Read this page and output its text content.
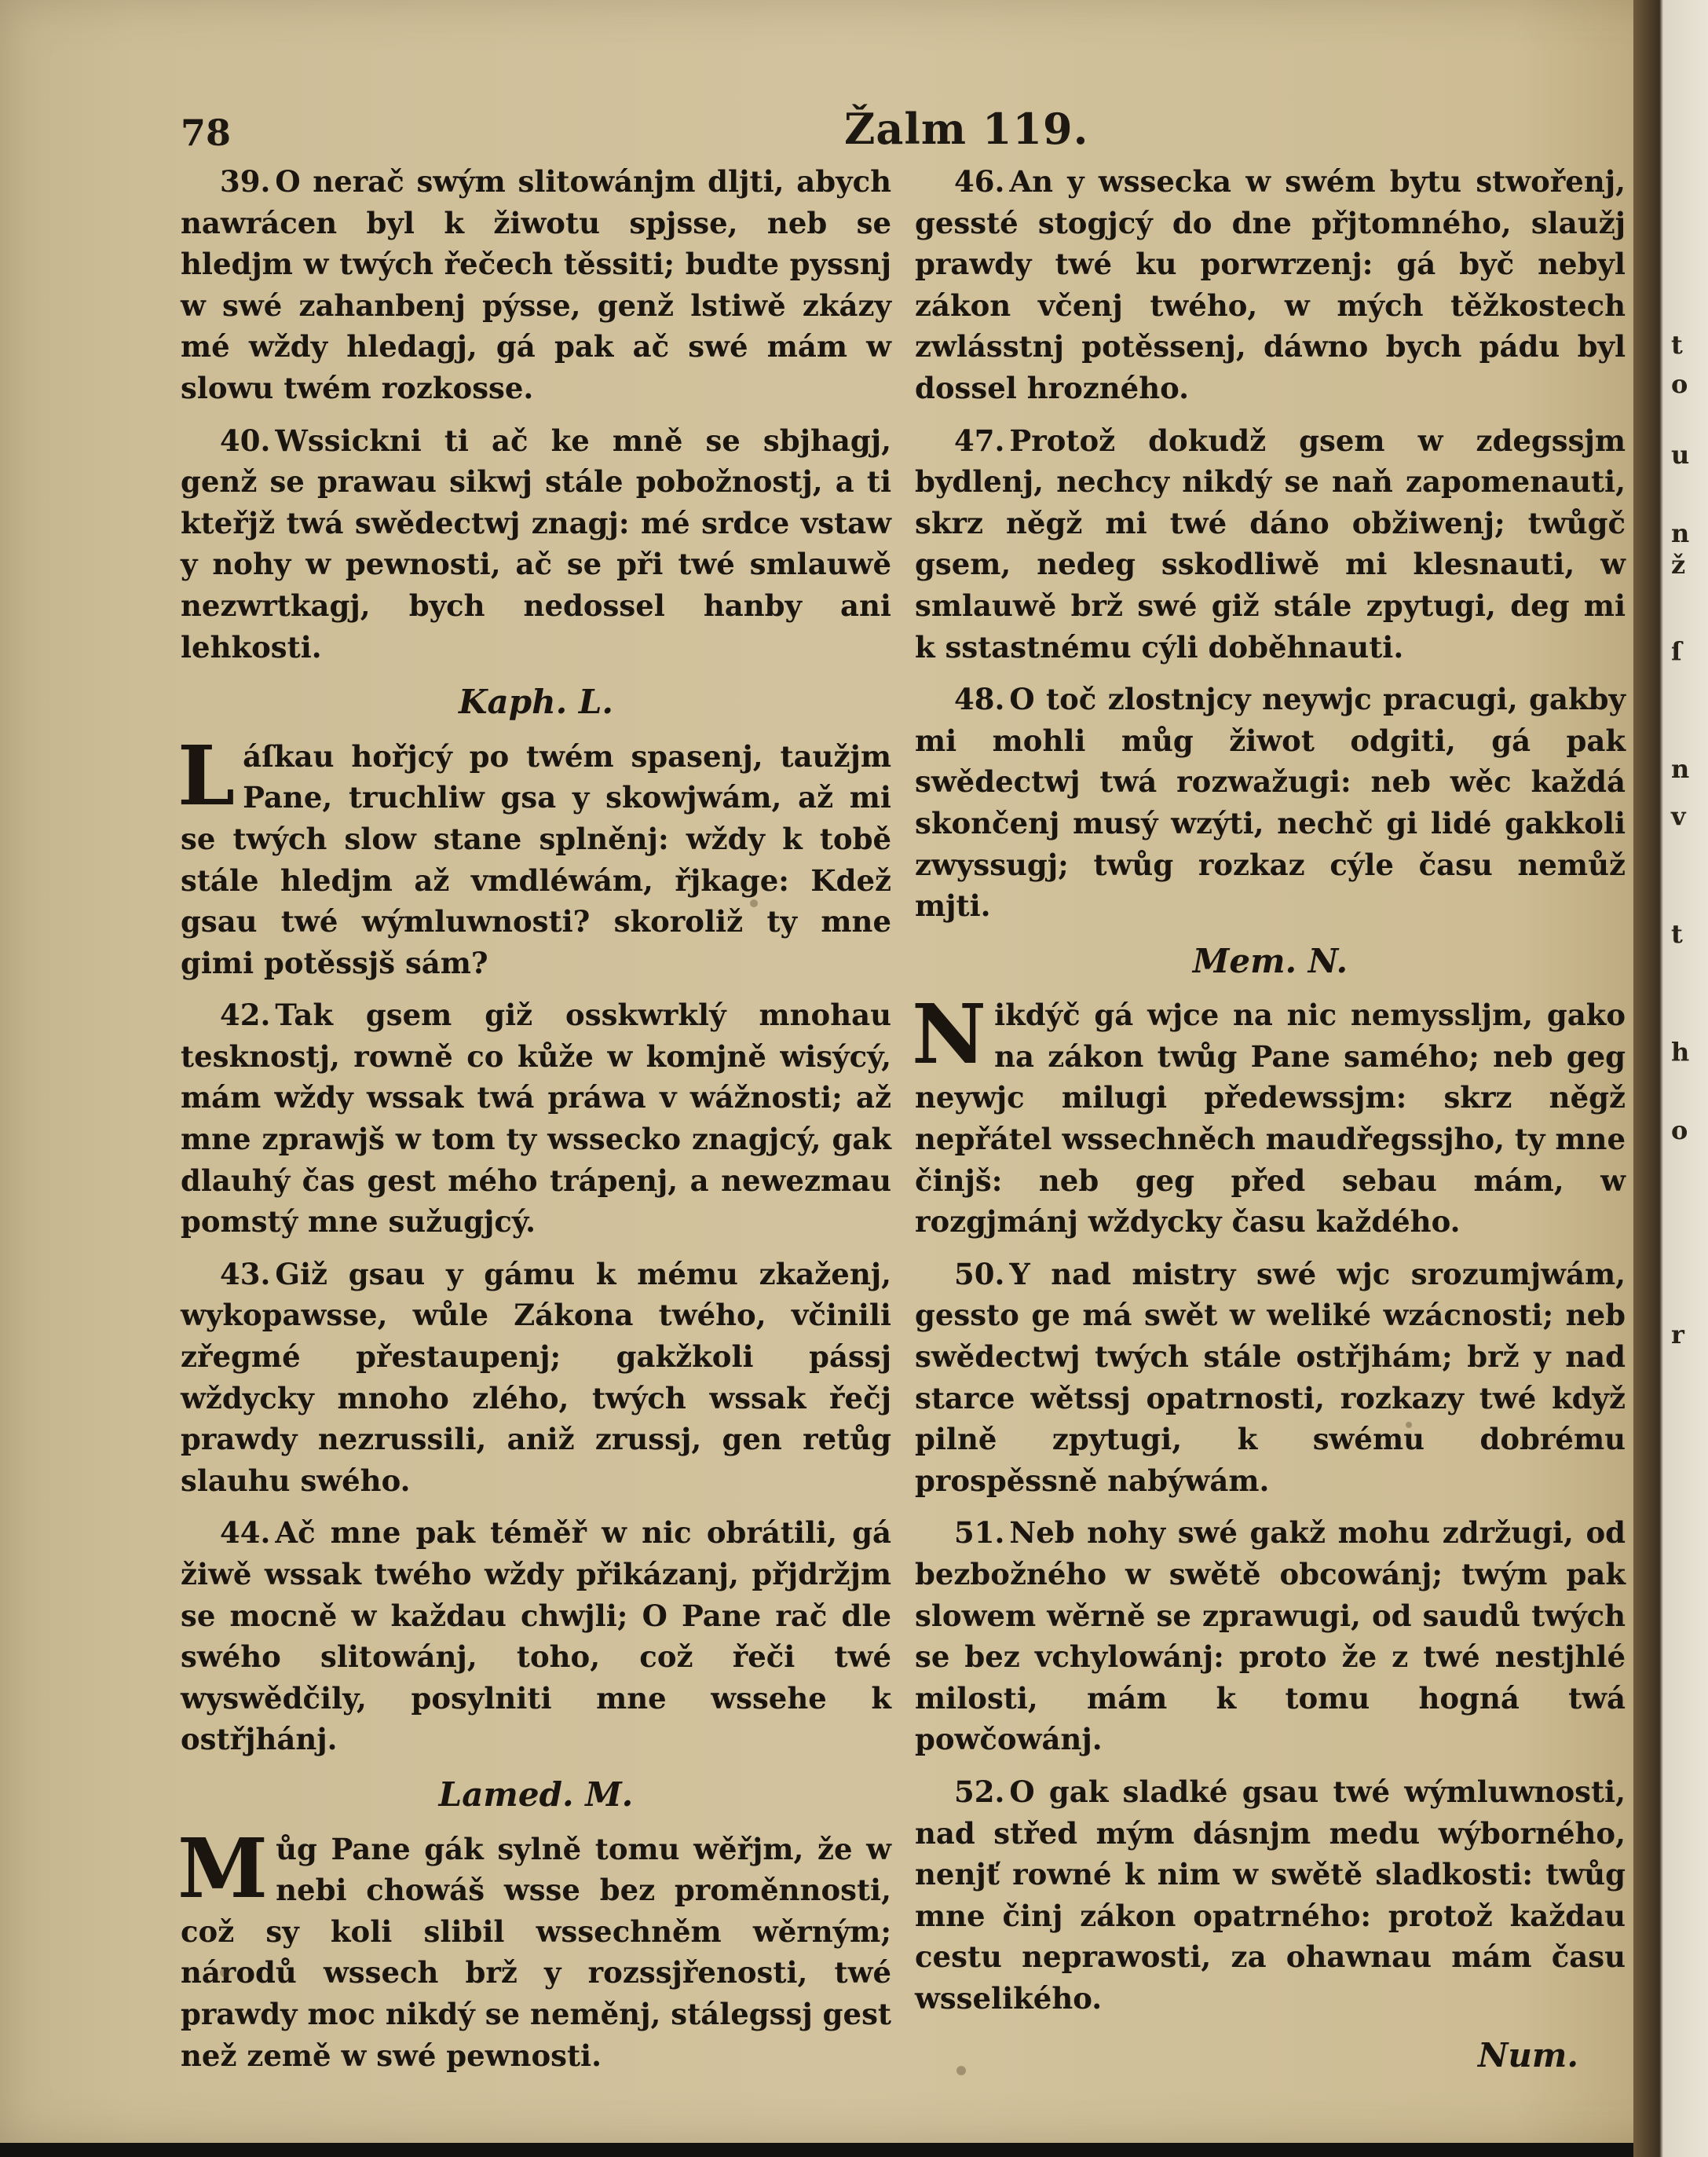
78	Žalm 119.

39. O nerač swým slitowánjm dljti, abych nawrácen byl k žiwotu spjsse, neb se hledjm w twých řečech těssiti; budte pyssnj w swé zahanbenj pýsse, genž lstiwě zkázy mé wždy hledagj, gá pak ač swé mám w slowu twém rozkosse.

40. Wssickni ti ač ke mně se sbjhagj, genž se prawau sikwj stále pobožnostj, a ti kteřjž twá swědectwj znagj: mé srdce vstaw y nohy w pewnosti, ač se při twé smlauwě nezwrtkagj, bych nedossel hanby ani lehkosti.

Kaph. L.

Láſkau hořjcý po twém spasenj, taužjm Pane, truchliw gsa y skowjwám, až mi se twých slow stane splněnj: wždy k tobě stále hledjm až vmdléwám, řjkage: Kdež gsau twé wýmluwnosti? skoroliž ty mne gimi potěssjš sám?

42. Tak gsem giž osskwrklý mnohau tesknostj, rowně co kůže w komjně wisýcý, mám wždy wssak twá práwa v wážnosti; až mne zprawjš w tom ty wssecko znagjcý, gak dlauhý čas gest mého trápenj, a newezmau pomstý mne sužugjcý.

43. Giž gsau y gámu k mému zkaženj, wykopawsse, wůle Zákona twého, včinili zřegmé přestaupenj; gakžkoli pássj wždycky mnoho zlého, twých wssak řečj prawdy nezrussili, aniž zrussj, gen retůg slauhu swého.

44. Ač mne pak téměř w nic obrátili, gá žiwě wssak twého wždy přikázanj, přjdržjm se mocně w každau chwjli; O Pane rač dle swého slitowánj, toho, což řeči twé wyswědčily, posylniti mne wssehe k ostřjhánj.

Lamed. M.

Můg Pane gák sylně tomu wěřjm, že w nebi chowáš wsse bez proměnnosti, což sy koli slibil wssechněm wěrným; národů wssech brž y rozssjřenosti, twé prawdy moc nikdý se neměnj, stálegssj gest než země w swé pewnosti.

46. An y wssecka w swém bytu stwořenj, gessté stogjcý do dne přjtomného, slaužj prawdy twé ku porwrzenj: gá byč nebyl zákon včenj twého, w mých těžkostech zwlásstnj potěssenj, dáwno bych pádu byl dossel hrozného.

47. Protož dokudž gsem w zdegssjm bydlenj, nechcy nikdý se naň zapomenauti, skrz něgž mi twé dáno obžiwenj; twůgč gsem, nedeg sskodliwě mi klesnauti, w smlauwě brž swé giž stále zpytugi, deg mi k sstastnému cýli doběhnauti.

48. O toč zlostnjcy neywjc pracugi, gakby mi mohli můg žiwot odgiti, gá pak swědectwj twá rozwažugi: neb wěc každá skončenj musý wzýti, nechč gi lidé gakkoli zwyssugj; twůg rozkaz cýle času nemůž mjti.

Mem. N.

Nikdýč gá wjce na nic nemyssljm, gako na zákon twůg Pane samého; neb geg neywjc milugi předewssjm: skrz něgž nepřátel wssechněch maudřegssjho, ty mne činjš: neb geg před sebau mám, w rozgjmánj wždycky času každého.

50. Y nad mistry swé wjc srozumjwám, gessto ge má swět w weliké wzácnosti; neb swědectwj twých stále ostřjhám; brž y nad starce wětssj opatrnosti, rozkazy twé když pilně zpytugi, k swému dobrému prospěssně nabýwám.

51. Neb nohy swé gakž mohu zdržugi, od bezbožného w swětě obcowánj; twým pak slowem wěrně se zprawugi, od saudů twých se bez vchylowánj: proto že z twé nestjhlé milosti, mám k tomu hogná twá powčowánj.

52. O gak sladké gsau twé wýmluwnosti, nad střed mým dásnjm medu wýborného, nenjť rowné k nim w swětě sladkosti: twůg mne činj zákon opatrného: protož každau cestu neprawosti, za ohawnau mám času wsselikého.

Num.
t
o
u
n
ž
ſ
n
v
t
h
o
r
